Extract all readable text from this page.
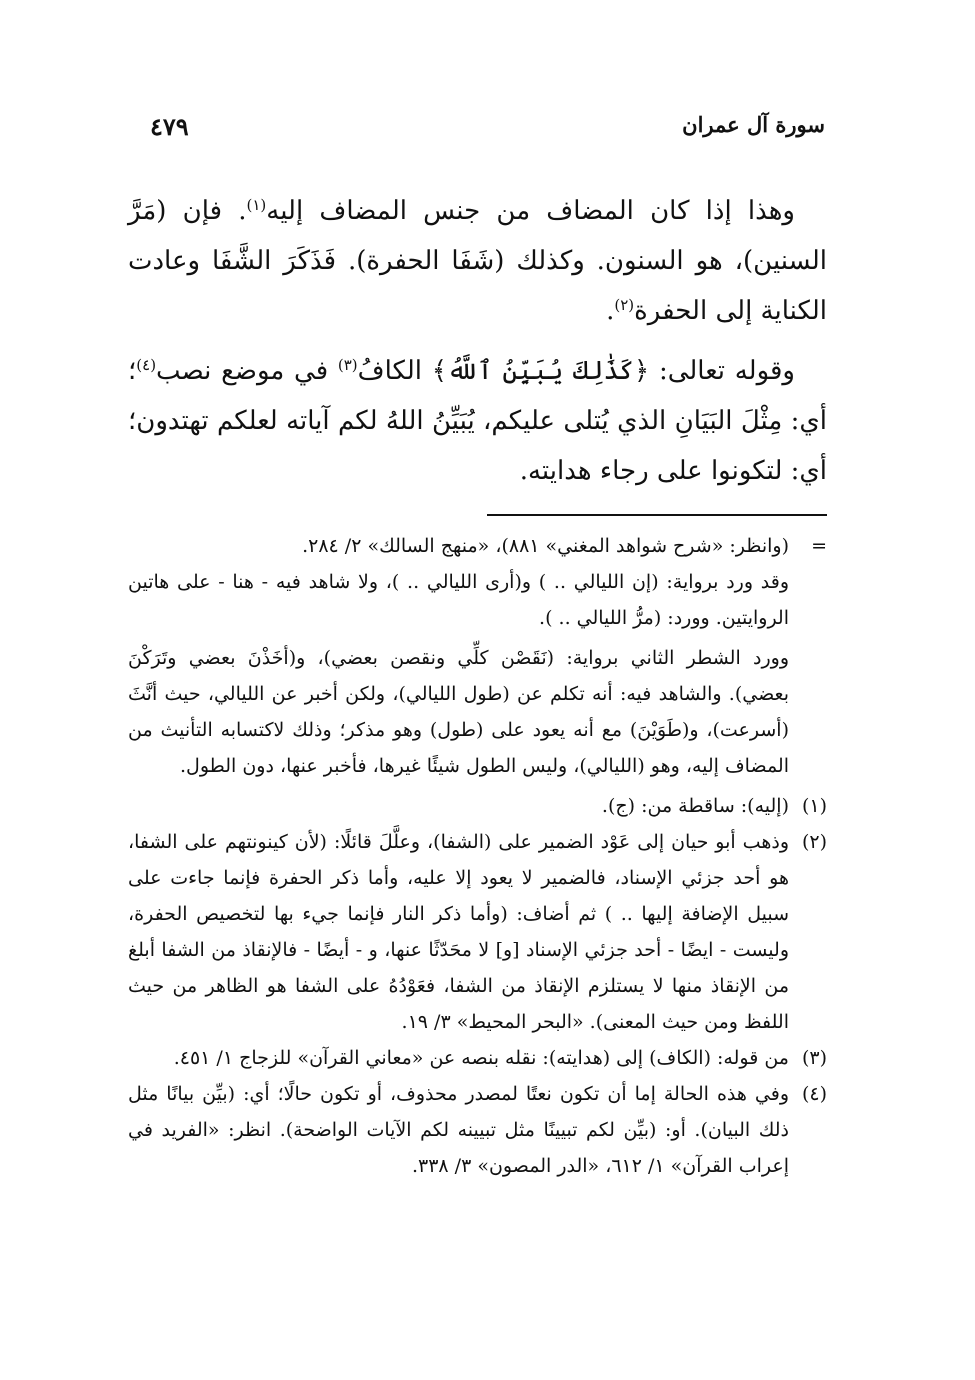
سورة آل عمران
٤٧٩

وهذا إذا كان المضاف من جنس المضاف إليه$^{(١)}$. فإن (مَرَّ السنين)، هو السنون. وكذلك (شَفَا الحفرة). فَذَكَرَ الشَّفَا وعادت الكناية إلى الحفرة$^{(٢)}$.

وقوله تعالى: ﴿كَذَٰلِكَ يُبَيِّنُ ٱللَّهُ﴾ الكافُ$^{(٣)}$ في موضع نصب$^{(٤)}$؛ أي: مِثْلَ البَيَانِ الذي يُتلى عليكم، يُبَيِّنُ اللهُ لكم آياته لعلكم تهتدون؛ أي: لتكونوا على رجاء هدايته.

=
(وانظر: «شرح شواهد المغني» ٨٨١)، «منهج السالك» ٢/ ٢٨٤.
وقد ورد برواية: (إن الليالي .. ) و(أرى الليالي .. )، ولا شاهد فيه - هنا - على هاتين الروايتين. وورد: (مرُّ الليالي .. ).
وورد الشطر الثاني برواية: (نَقَصْن كلِّي ونقصن بعضي)، و(أخَذْنَ بعضي وتَرَكْنَ بعضي). والشاهد فيه: أنه تكلم عن (طول الليالي)، ولكن أخبر عن الليالي، حيث أنَّثَ (أسرعت)، و(طَوَيْنَ) مع أنه يعود على (طول) وهو مذكر؛ وذلك لاكتسابه التأنيث من المضاف إليه، وهو (الليالي)، وليس الطول شيئًا غيرها، فأخبر عنها، دون الطول.
(١)
(إليه): ساقطة من: (ج).
(٢)
وذهب أبو حيان إلى عَوْد الضمير على (الشفا)، وعلَّلَ قائلًا: (لأن كينونتهم على الشفا، هو أحد جزئي الإسناد، فالضمير لا يعود إلا عليه، وأما ذكر الحفرة فإنما جاءت على سبيل الإضافة إليها .. ) ثم أضاف: (وأما ذكر النار فإنما جيء بها لتخصيص الحفرة، وليست - ايضًا - أحد جزئي الإسناد [و] لا محَدّثًا عنها، و - أيضًا - فالإنقاذ من الشفا أبلغ من الإنقاذ منها لا يستلزم الإنقاذ من الشفا، فعَوْدُهُ على الشفا هو الظاهر من حيث اللفظ ومن حيث المعنى). «البحر المحيط» ٣/ ١٩.
(٣)
من قوله: (الكاف) إلى (هدايته): نقله بنصه عن «معاني القرآن» للزجاج ١/ ٤٥١.
(٤)
وفي هذه الحالة إما أن تكون نعتًا لمصدر محذوف، أو تكون حالًا؛ أي: (بيِّن بيانًا مثل ذلك البيان). أو: (بيِّن لكم تبيينًا مثل تبيينه لكم الآيات الواضحة). انظر: «الفريد في إعراب القرآن» ١/ ٦١٢، «الدر المصون» ٣/ ٣٣٨.
